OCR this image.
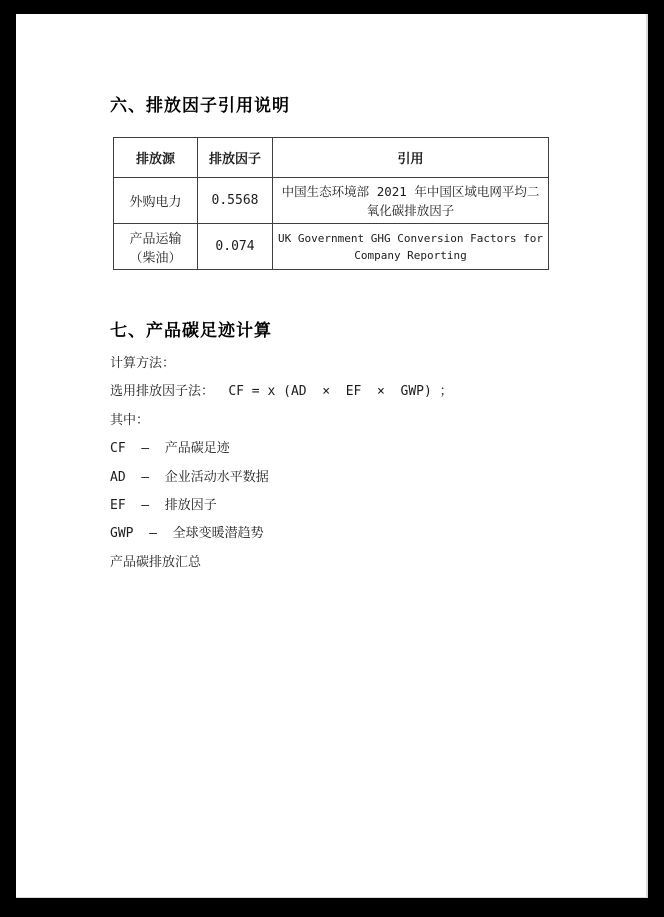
六、排放因子引用说明
排放源	排放因子	引用
外购电力	0.5568	中国生态环境部 2021 年中国区域电网平均二氧化碳排放因子
产品运输（柴油）	0.074	UK Government GHG Conversion Factors for Company Reporting
七、产品碳足迹计算

计算方法：

选用排放因子法：　 CF = x (AD  ×  EF  ×  GWP) ；

其中：

CF  –  产品碳足迹

AD  –  企业活动水平数据

EF  –  排放因子

GWP  –  全球变暖潜趋势

产品碳排放汇总
